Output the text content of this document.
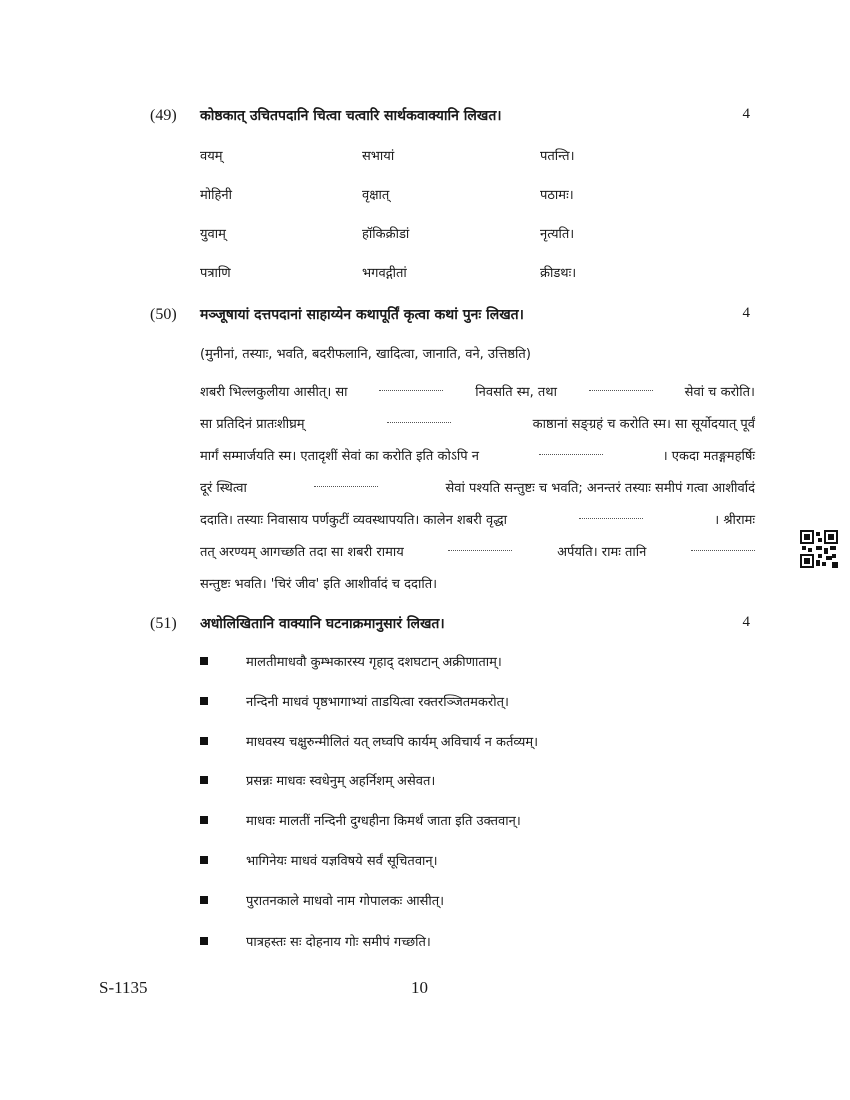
(49)	कोष्ठकात् उचितपदानि चित्वा चत्वारि सार्थकवाक्यानि लिखत।	4
वयम्	सभायां	पतन्ति।
मोहिनी	वृक्षात्	पठामः।
युवाम्	हॉकिक्रीडां	नृत्यति।
पत्राणि	भगवद्गीतां	क्रीडथः।
(50)	मञ्जूषायां दत्तपदानां साहाय्येन कथापूर्तिं कृत्वा कथां पुनः लिखत।	4
(मुनीनां, तस्याः, भवति, बदरीफलानि, खादित्वा, जानाति, वने, उत्तिष्ठति)
शबरी भिल्लकुलीया आसीत्। सा	निवसति स्म, तथा	सेवां च करोति।
सा प्रतिदिनं प्रातःशीघ्रम्	काष्ठानां सङ्ग्रहं च करोति स्म। सा सूर्योदयात् पूर्वं
मार्गं सम्मार्जयति स्म। एतादृशीं सेवां का करोति इति कोऽपि न	। एकदा मतङ्गमहर्षिः
दूरं स्थित्वा	सेवां पश्यति सन्तुष्टः च भवति; अनन्तरं तस्याः समीपं गत्वा आशीर्वादं
ददाति। तस्याः निवासाय पर्णकुटीं व्यवस्थापयति। कालेन शबरी वृद्धा	। श्रीरामः
तत् अरण्यम् आगच्छति तदा सा शबरी रामाय	अर्पयति। रामः तानि
सन्तुष्टः भवति। 'चिरं जीव' इति आशीर्वादं च ददाति।
(51)	अधोलिखितानि वाक्यानि घटनाक्रमानुसारं लिखत।	4
मालतीमाधवौ कुम्भकारस्य गृहाद् दशघटान् अक्रीणाताम्।
नन्दिनी माधवं पृष्ठभागाभ्यां ताडयित्वा रक्तरञ्जितमकरोत्।
माधवस्य चक्षुरुन्मीलितं यत् लघ्वपि कार्यम् अविचार्य न कर्तव्यम्।
प्रसन्नः माधवः स्वधेनुम् अहर्निशम् असेवत।
माधवः मालतीं नन्दिनी दुग्धहीना किमर्थं जाता इति उक्तवान्।
भागिनेयः माधवं यज्ञविषये सर्वं सूचितवान्।
पुरातनकाले माधवो नाम गोपालकः आसीत्।
पात्रहस्तः सः दोहनाय गोः समीपं गच्छति।
S-1135	10
